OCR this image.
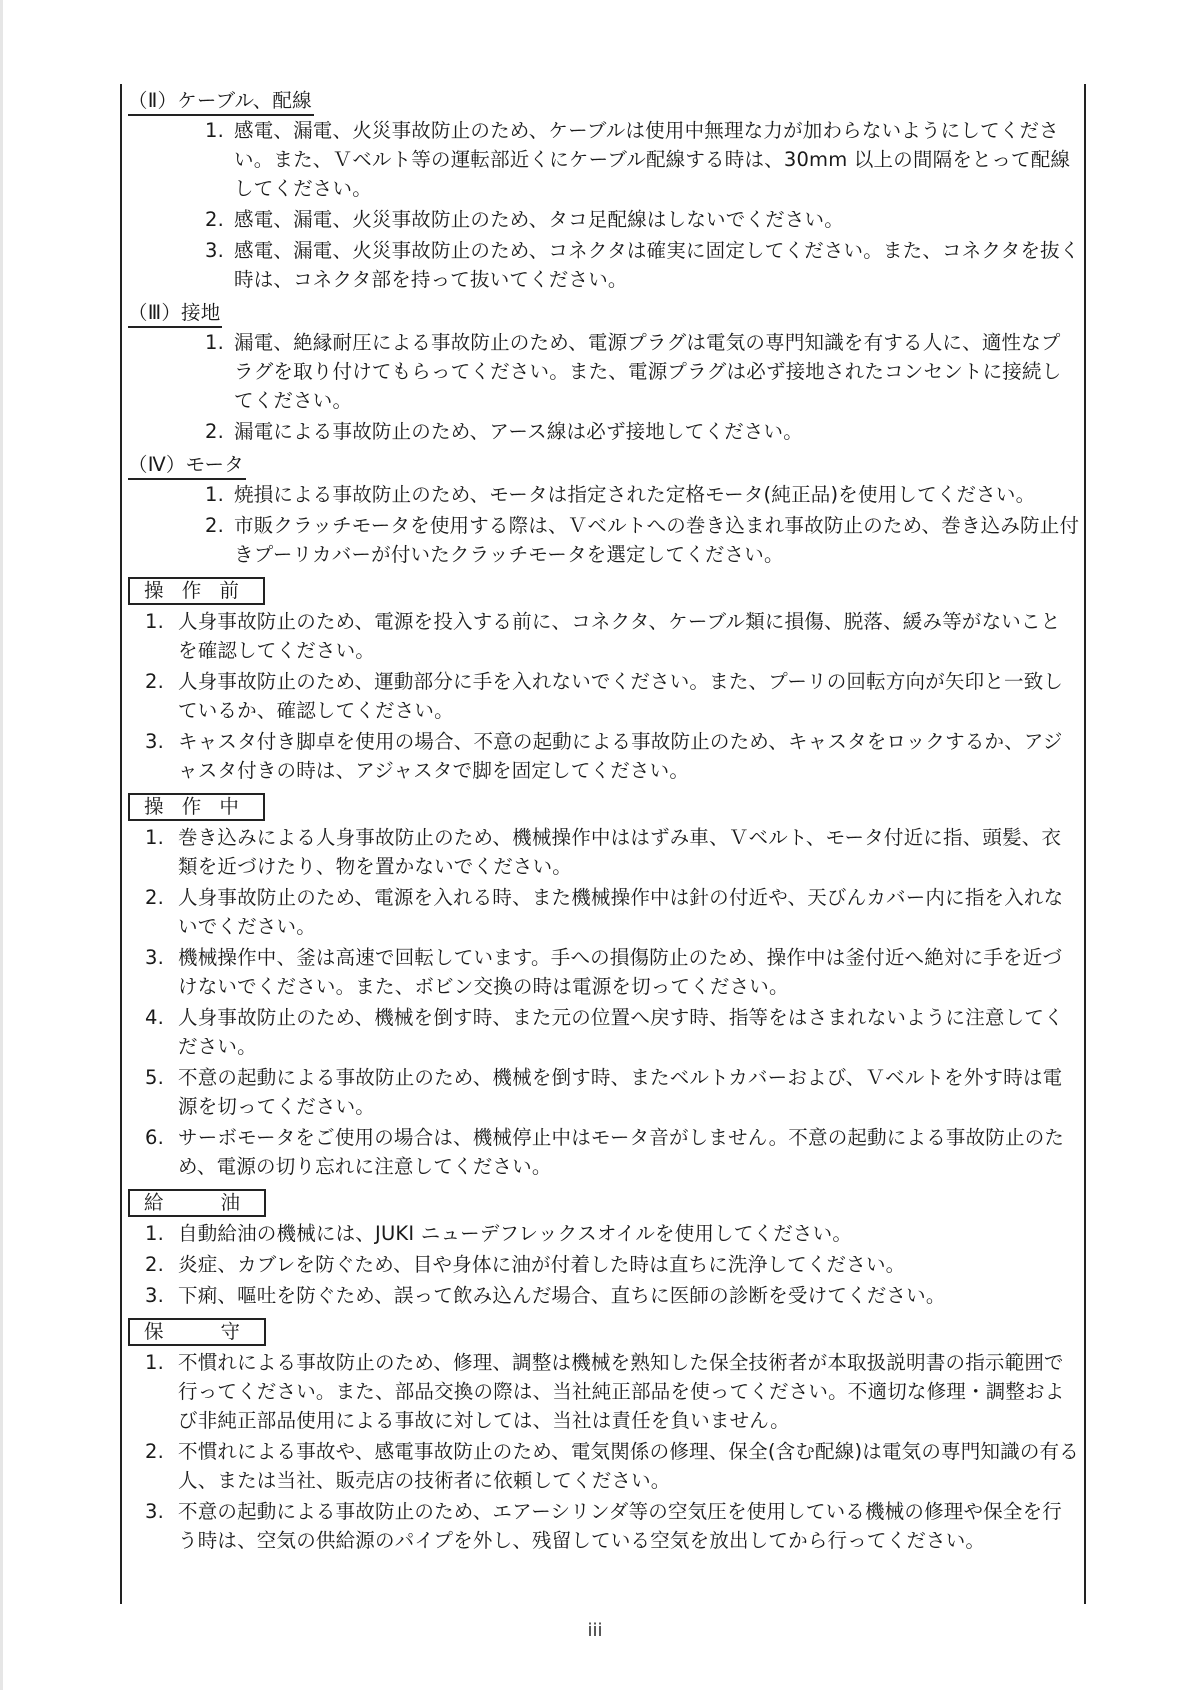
（Ⅱ）ケーブル、配線
1. 感電、漏電、火災事故防止のため、ケーブルは使用中無理な力が加わらないようにしてください。また、Ｖベルト等の運転部近くにケーブル配線する時は、30mm 以上の間隔をとって配線してください。
2. 感電、漏電、火災事故防止のため、タコ足配線はしないでください。
3. 感電、漏電、火災事故防止のため、コネクタは確実に固定してください。また、コネクタを抜く時は、コネクタ部を持って抜いてください。
（Ⅲ）接地
1. 漏電、絶縁耐圧による事故防止のため、電源プラグは電気の専門知識を有する人に、適性なプラグを取り付けてもらってください。また、電源プラグは必ず接地されたコンセントに接続してください。
2. 漏電による事故防止のため、アース線は必ず接地してください。
（Ⅳ）モータ
1. 焼損による事故防止のため、モータは指定された定格モータ(純正品)を使用してください。
2. 市販クラッチモータを使用する際は、Ｖベルトへの巻き込まれ事故防止のため、巻き込み防止付きプーリカバーが付いたクラッチモータを選定してください。
操 作 前
1. 人身事故防止のため、電源を投入する前に、コネクタ、ケーブル類に損傷、脱落、緩み等がないことを確認してください。
2. 人身事故防止のため、運動部分に手を入れないでください。また、プーリの回転方向が矢印と一致しているか、確認してください。
3. キャスタ付き脚卓を使用の場合、不意の起動による事故防止のため、キャスタをロックするか、アジャスタ付きの時は、アジャスタで脚を固定してください。
操 作 中
1. 巻き込みによる人身事故防止のため、機械操作中ははずみ車、Ｖベルト、モータ付近に指、頭髪、衣類を近づけたり、物を置かないでください。
2. 人身事故防止のため、電源を入れる時、また機械操作中は針の付近や、天びんカバー内に指を入れないでください。
3. 機械操作中、釜は高速で回転しています。手への損傷防止のため、操作中は釜付近へ絶対に手を近づけないでください。また、ボビン交換の時は電源を切ってください。
4. 人身事故防止のため、機械を倒す時、また元の位置へ戻す時、指等をはさまれないように注意してください。
5. 不意の起動による事故防止のため、機械を倒す時、またベルトカバーおよび、Ｖベルトを外す時は電源を切ってください。
6. サーボモータをご使用の場合は、機械停止中はモータ音がしません。不意の起動による事故防止のため、電源の切り忘れに注意してください。
給　　油
1. 自動給油の機械には、JUKI ニューデフレックスオイルを使用してください。
2. 炎症、カブレを防ぐため、目や身体に油が付着した時は直ちに洗浄してください。
3. 下痢、嘔吐を防ぐため、誤って飲み込んだ場合、直ちに医師の診断を受けてください。
保　　守
1. 不慣れによる事故防止のため、修理、調整は機械を熟知した保全技術者が本取扱説明書の指示範囲で行ってください。また、部品交換の際は、当社純正部品を使ってください。不適切な修理・調整および非純正部品使用による事故に対しては、当社は責任を負いません。
2. 不慣れによる事故や、感電事故防止のため、電気関係の修理、保全(含む配線)は電気の専門知識の有る人、または当社、販売店の技術者に依頼してください。
3. 不意の起動による事故防止のため、エアーシリンダ等の空気圧を使用している機械の修理や保全を行う時は、空気の供給源のパイプを外し、残留している空気を放出してから行ってください。
iii
